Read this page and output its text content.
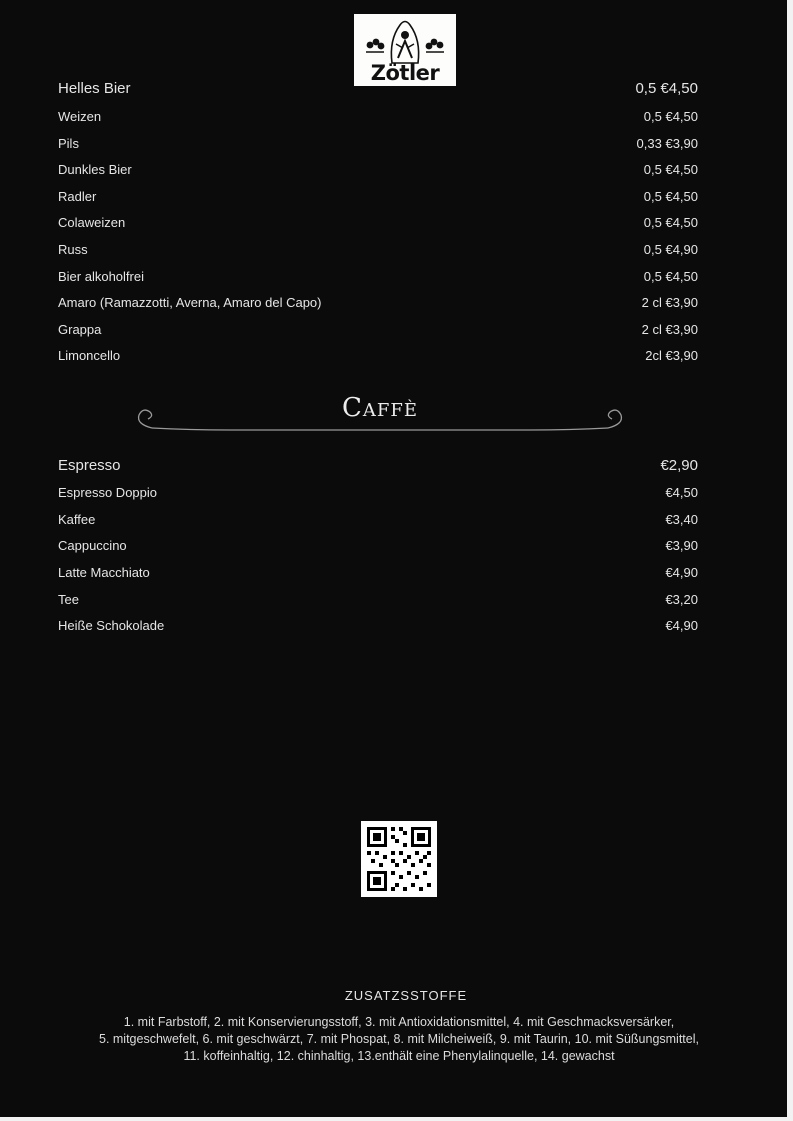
Zötler
Helles Bier	0,5 €4,50
Weizen	0,5 €4,50
Pils	0,33 €3,90
Dunkles Bier	0,5 €4,50
Radler	0,5 €4,50
Colaweizen	0,5 €4,50
Russ	0,5 €4,90
Bier alkoholfrei	0,5 €4,50
Amaro (Ramazzotti, Averna, Amaro del Capo)	2 cl €3,90
Grappa	2 cl €3,90
Limoncello	2cl €3,90
Caffè
Espresso	€2,90
Espresso Doppio	€4,50
Kaffee	€3,40
Cappuccino	€3,90
Latte Macchiato	€4,90
Tee	€3,20
Heiße Schokolade	€4,90
ZUSATZSSTOFFE
1. mit Farbstoff, 2. mit Konservierungsstoff, 3. mit Antioxidationsmittel, 4. mit Geschmacksversärker,
5. mitgeschwefelt, 6. mit geschwärzt, 7. mit Phospat, 8. mit Milcheiweiß, 9. mit Taurin, 10. mit Süßungsmittel,
11. koffeinhaltig, 12. chinhaltig, 13.enthält eine Phenylalinquelle, 14. gewachst
